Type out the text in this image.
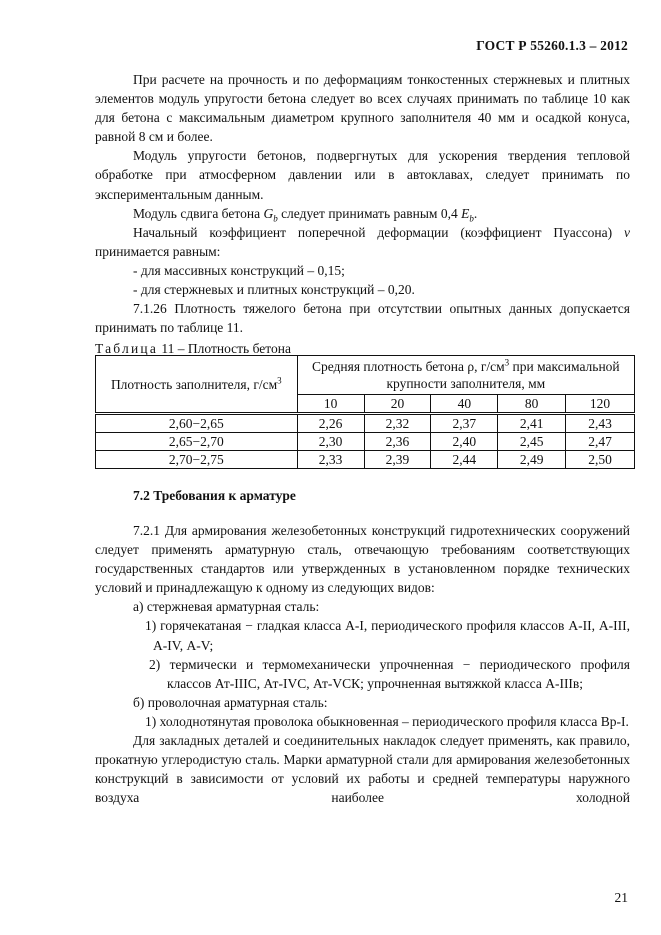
ГОСТ Р 55260.1.3 – 2012

При расчете на прочность и по деформациям тонкостенных стержневых и плитных элементов модуль упругости бетона следует во всех случаях принимать по таблице 10 как для бетона с максимальным диаметром крупного заполнителя 40 мм и осадкой конуса, равной 8 см и более.

Модуль упругости бетонов, подвергнутых для ускорения твердения тепловой обработке при атмосферном давлении или в автоклавах, следует принимать по экспериментальным данным.

Модуль сдвига бетона $G_b$ следует принимать равным 0,4 $E_b$.

Начальный коэффициент поперечной деформации (коэффициент Пуассона) ν принимается равным:

- для массивных конструкций – 0,15;

- для стержневых и плитных конструкций – 0,20.

7.1.26 Плотность тяжелого бетона при отсутствии опытных данных допускается принимать по таблице 11.

Таблица 11 – Плотность бетона
Плотность заполнителя, $г/см^3$	Средняя плотность бетона ρ, $г/см^3$ при максимальной крупности заполнителя, мм				
	10	20	40	80	120
2,60−2,65	2,26	2,32	2,37	2,41	2,43
2,65−2,70	2,30	2,36	2,40	2,45	2,47
2,70−2,75	2,33	2,39	2,44	2,49	2,50
7.2 Требования к арматуре

7.2.1 Для армирования железобетонных конструкций гидротехнических сооружений следует применять арматурную сталь, отвечающую требованиям соответствующих государственных стандартов или утвержденных в установленном порядке технических условий и принадлежащую к одному из следующих видов:

а) стержневая арматурная сталь:

1) горячекатаная − гладкая класса А-I, периодического профиля классов А-II, А-III, А-IV, А-V;

2) термически и термомеханически упрочненная − периодического профиля классов Ат-IIIС, Ат-IVС, Ат-VСК; упрочненная вытяжкой класса А-IIIв;

б) проволочная арматурная сталь:

1) холоднотянутая проволока обыкновенная – периодического профиля класса Вр-I.

Для закладных деталей и соединительных накладок следует применять, как правило, прокатную углеродистую сталь. Марки арматурной стали для армирования железобетонных конструкций в зависимости от условий их работы и средней температуры наружного воздуха наиболее холодной

21
